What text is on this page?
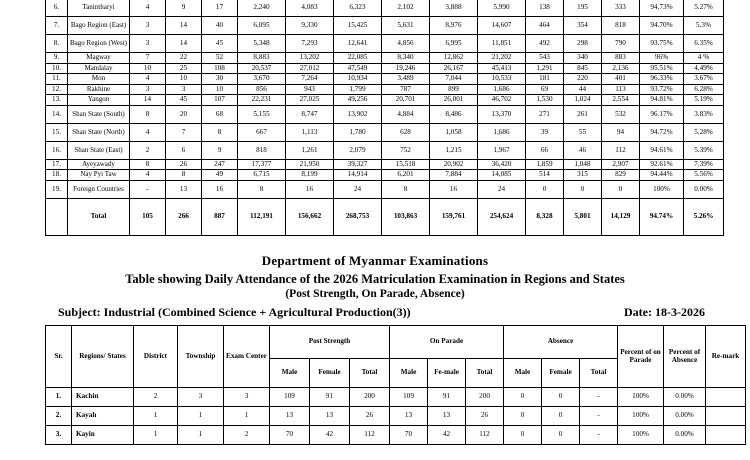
6.	Tanintharyi	4	9	17	2,240	4,083	6,323	2,102	3,888	5,990	138	195	333	94.73%	5.27%
7.	Bago Region (East)	3	14	40	6,095	9,330	15,425	5,631	8,976	14,607	464	354	818	94.70%	5.3%
8.	Bago Region (West)	3	14	45	5,348	7,293	12,641	4,856	6,995	11,851	492	298	790	93.75%	6.35%
9.	Magway	7	22	52	8,883	13,202	22,085	8,340	12,862	21,202	543	340	883	96%	4 %
10.	Mandalay	10	25	108	20,537	27,012	47,549	19,246	26,167	45,413	1,291	845	2,136	95.51%	4.49%
11.	Mon	4	10	30	3,670	7,264	10,934	3,489	7,044	10,533	181	220	401	96.33%	3.67%
12.	Rakhine	3	3	10	856	943	1,799	787	899	1,686	69	44	113	93.72%	6.28%
13.	Yangon	14	45	107	22,231	27,025	49,256	20,701	26,001	46,702	1,530	1,024	2,554	94.81%	5.19%
14.	Shan State (South)	8	20	68	5,155	8,747	13,902	4,884	8,486	13,370	271	261	532	96.17%	3.83%
15.	Shan State (North)	4	7	8	667	1,113	1,780	628	1,058	1,686	39	55	94	94.72%	5.28%
16.	Shan State (East)	2	6	9	818	1,261	2,079	752	1,215	1,967	66	46	112	94.61%	5.39%
17.	Ayeyawady	8	26	247	17,377	21,950	39,327	15,518	20,902	36,420	1,859	1,048	2,907	92.61%	7.39%
18.	Nay Pyi Taw	4	8	49	6,715	8,199	14,914	6,201	7,884	14,085	514	315	829	94.44%	5.56%
19.	Foreign Countries	-	13	16	8	16	24	8	16	24	0	0	0	100%	0.00%
	Total	105	266	887	112,191	156,662	268,753	103,863	159,761	254,624	8,328	5,801	14,129	94.74%	5.26%
Department of Myanmar Examinations
Table showing Daily Attendance of the 2026 Matriculation Examination in Regions and States
(Post Strength, On Parade, Absence)
Subject: Industrial (Combined Science + Agricultural Production(3))	Date: 18-3-2026
Sr.	Regions/ States	District	Township	Exam Center	Post Strength			On Parade			Absence			Percent of on Parade	Percent of Absence	Re-mark
					Male	Female	Total	Male	Fe-male	Total	Male	Female	Total			

1.	Kachin	2	3	3	109	91	200	109	91	200	0	0	-	100%	0.00%	
2.	Kayah	1	1	1	13	13	26	13	13	26	0	0	-	100%	0.00%	
3.	Kayin	1	1	2	70	42	112	70	42	112	0	0	-	100%	0.00%	
